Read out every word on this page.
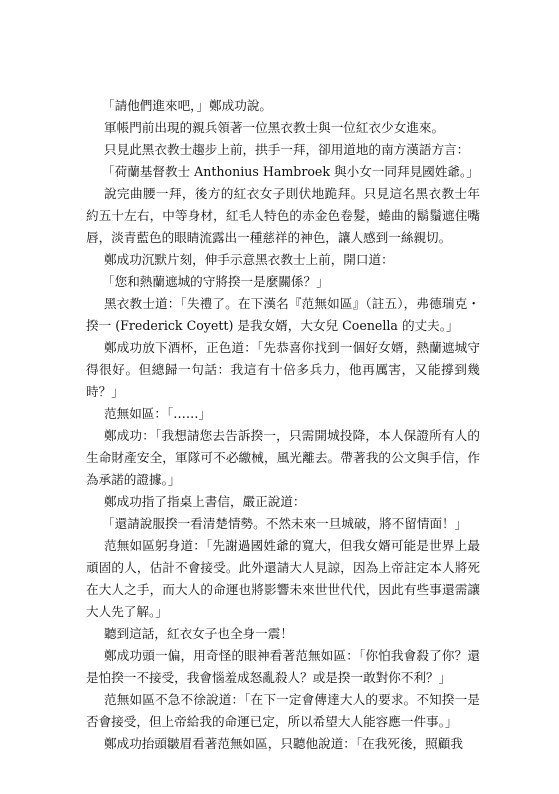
「請他們進來吧，」鄭成功說。

軍帳門前出現的親兵領著一位黑衣教士與一位紅衣少女進來。

只見此黑衣教士趨步上前，拱手一拜，卻用道地的南方漢語方言：

「荷蘭基督教士 Anthonius Hambroek 與小女一同拜見國姓爺。」

說完曲腰一拜，後方的紅衣女子則伏地跪拜。只見這名黑衣教士年約五十左右，中等身材，紅毛人特色的赤金色卷髮，蜷曲的鬍鬚遮住嘴唇，淡青藍色的眼睛流露出一種慈祥的神色，讓人感到一絲親切。

鄭成功沉默片刻，伸手示意黑衣教士上前，開口道：

「您和熱蘭遮城的守將揆一是麼關係？」

黑衣教士道：「失禮了。在下漢名『范無如區』（註五），弗德瑞克・揆一 (Frederick Coyett) 是我女婿，大女兒 Coenella 的丈夫。」

鄭成功放下酒杯，正色道：「先恭喜你找到一個好女婿，熱蘭遮城守得很好。但總歸一句話：我這有十倍多兵力，他再厲害，又能撐到幾時？」

范無如區：「……」

鄭成功：「我想請您去告訴揆一，只需開城投降，本人保證所有人的生命財產安全，軍隊可不必繳械，風光離去。帶著我的公文與手信，作為承諾的證據。」

鄭成功指了指桌上書信，嚴正說道：

「還請說服揆一看清楚情勢。不然未來一旦城破，將不留情面！」

范無如區躬身道：「先謝過國姓爺的寬大，但我女婿可能是世界上最頑固的人，估計不會接受。此外還請大人見諒，因為上帝註定本人將死在大人之手，而大人的命運也將影響未來世世代代，因此有些事還需讓大人先了解。」

聽到這話，紅衣女子也全身一震！

鄭成功頭一偏，用奇怪的眼神看著范無如區：「你怕我會殺了你？還是怕揆一不接受，我會惱羞成怒亂殺人？或是揆一敢對你不利？」

范無如區不急不徐說道：「在下一定會傳達大人的要求。不知揆一是否會接受，但上帝給我的命運已定，所以希望大人能容應一件事。」

鄭成功抬頭皺眉看著范無如區，只聽他說道：「在我死後，照顧我
